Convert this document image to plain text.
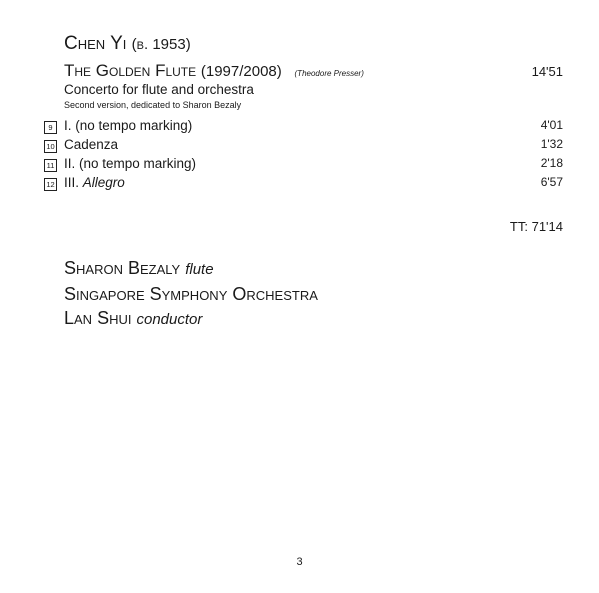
Chen Yi (b. 1953)
The Golden Flute (1997/2008) (Theodore Presser)	14'51
Concerto for flute and orchestra
Second version, dedicated to Sharon Bezaly
9 I. (no tempo marking)	4'01
10 Cadenza	1'32
11 II. (no tempo marking)	2'18
12 III. Allegro	6'57
TT: 71'14
Sharon Bezaly flute
Singapore Symphony Orchestra
Lan Shui conductor
3
